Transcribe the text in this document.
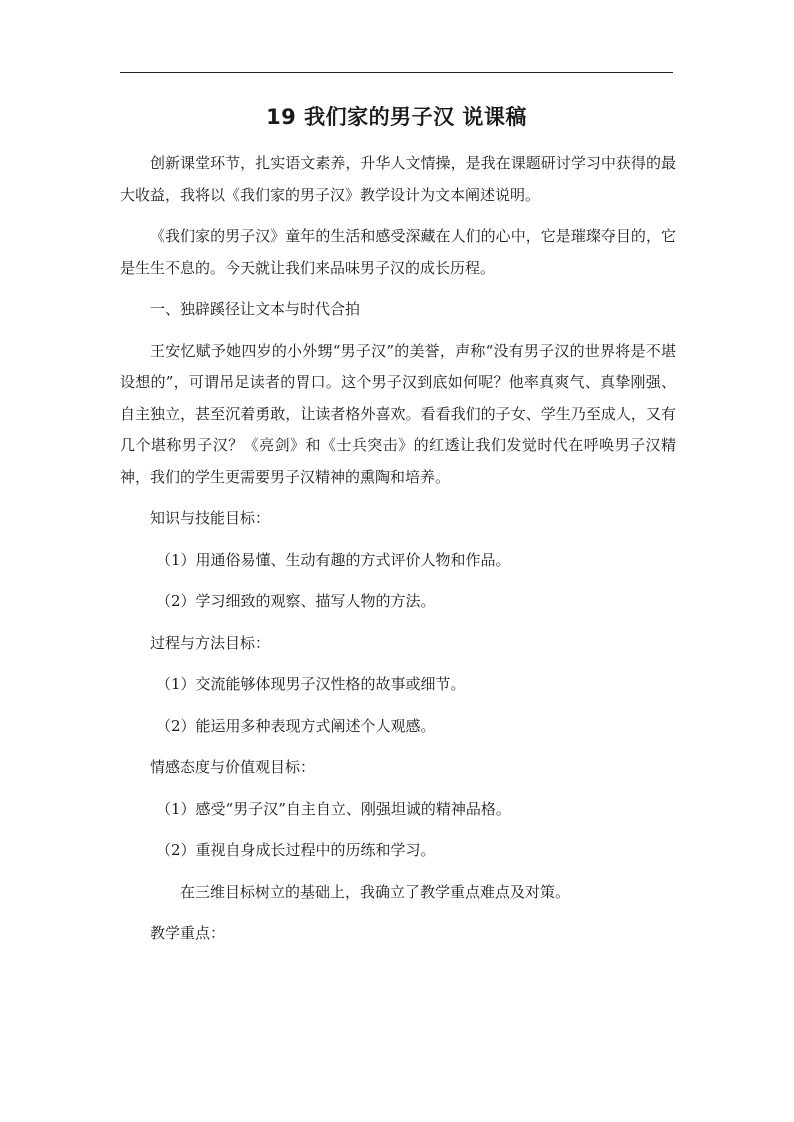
19 我们家的男子汉 说课稿

创新课堂环节，扎实语文素养，升华人文情操，是我在课题研讨学习中获得的最大收益，我将以《我们家的男子汉》教学设计为文本阐述说明。

《我们家的男子汉》童年的生活和感受深藏在人们的心中，它是璀璨夺目的，它是生生不息的。今天就让我们来品味男子汉的成长历程。

一、独辟蹊径让文本与时代合拍

王安忆赋予她四岁的小外甥“男子汉”的美誉，声称“没有男子汉的世界将是不堪设想的”，可谓吊足读者的胃口。这个男子汉到底如何呢？他率真爽气、真挚刚强、自主独立，甚至沉着勇敢，让读者格外喜欢。看看我们的子女、学生乃至成人，又有几个堪称男子汉？《亮剑》和《士兵突击》的红透让我们发觉时代在呼唤男子汉精神，我们的学生更需要男子汉精神的熏陶和培养。

知识与技能目标：

（1）用通俗易懂、生动有趣的方式评价人物和作品。

（2）学习细致的观察、描写人物的方法。

过程与方法目标：

（1）交流能够体现男子汉性格的故事或细节。

（2）能运用多种表现方式阐述个人观感。

情感态度与价值观目标：

（1）感受“男子汉”自主自立、刚强坦诚的精神品格。

（2）重视自身成长过程中的历练和学习。

在三维目标树立的基础上，我确立了教学重点难点及对策。

教学重点：
